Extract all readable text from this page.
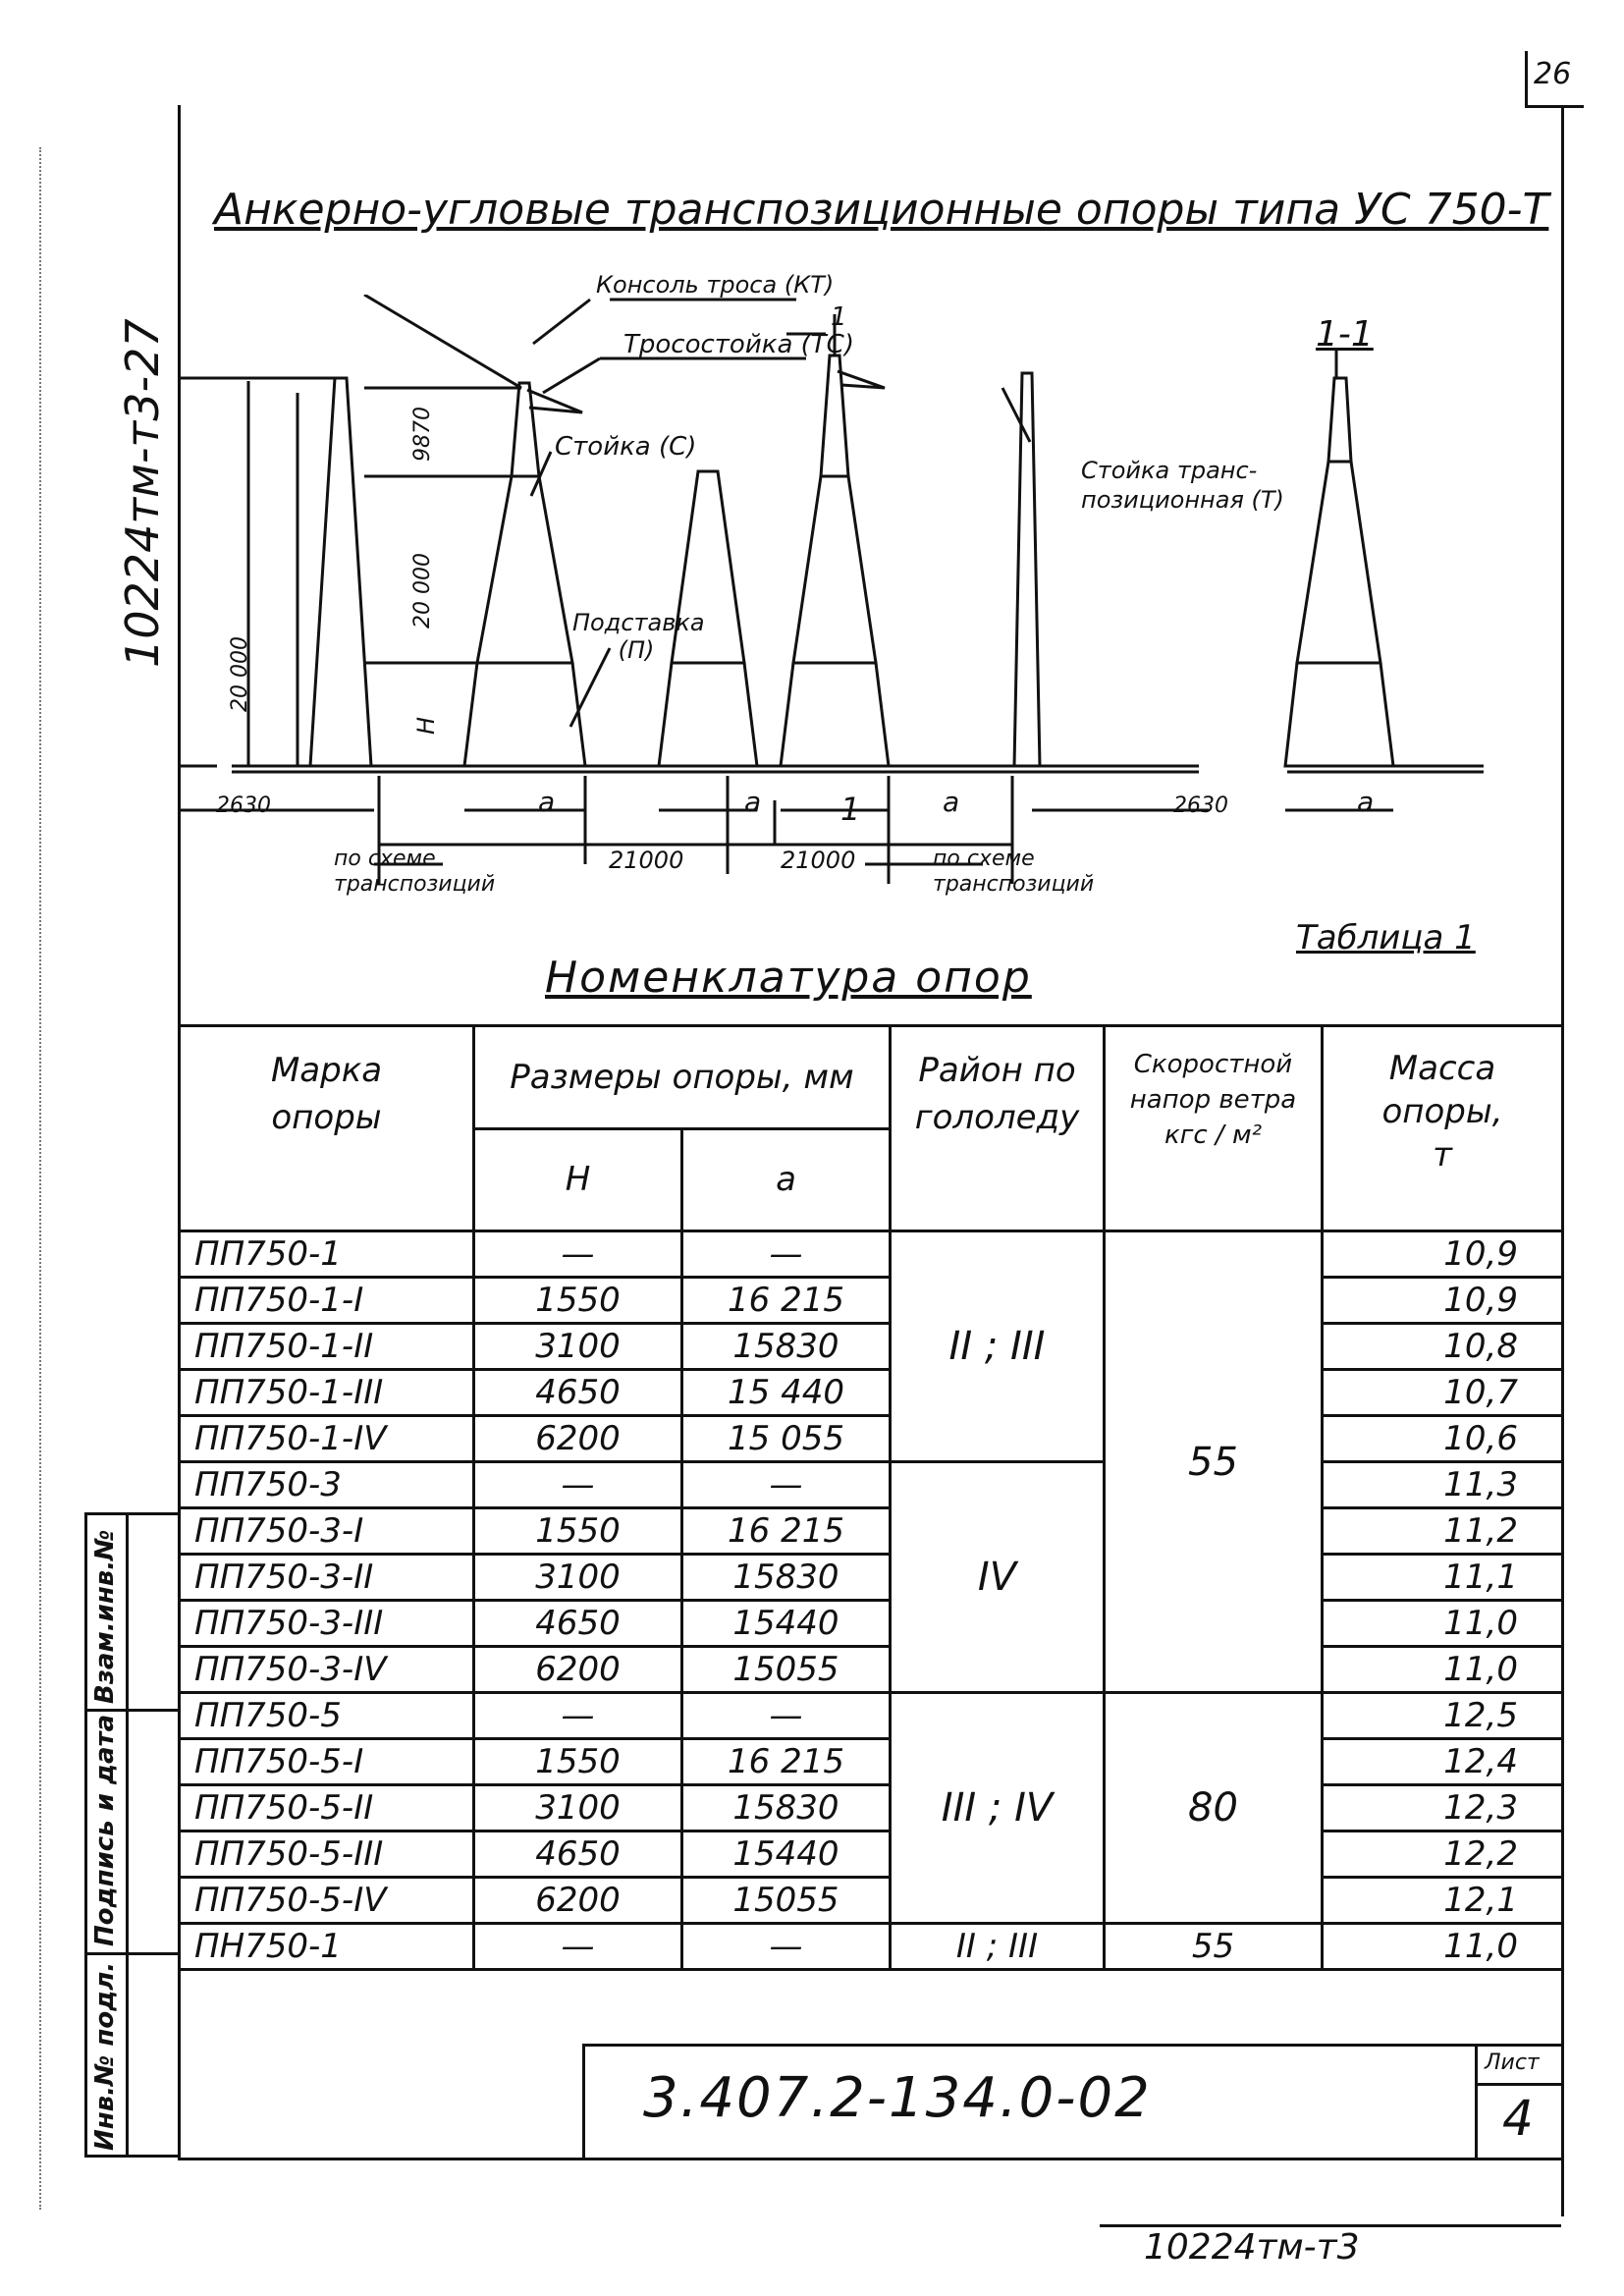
26
10224тм-т3-27
Анкерно-угловые транспозиционные опоры типа УС 750-Т
Консоль троса (КТ)
Тросостойка (ТС)
Стойка (С)
Подставка (П)
Стойка транс-позиционная (Т)
1-1
1
1
9870
20 000
20 000
Н
2630	а	а	а	а
2630
21000	21000
по схеме транспозиций
по схеме транспозиций
Таблица 1
Номенклатура опор
Марка опоры	Размеры опоры, мм		Район по гололеду	Скоростной напор ветра кгс / м²	Масса опоры, т

	Н	а			
ПП750-1	—	—	II ; III	55	10,9
ПП750-1-I	1550	16 215			10,9
ПП750-1-II	3100	15830			10,8
ПП750-1-III	4650	15 440			10,7
ПП750-1-IV	6200	15 055			10,6
ПП750-3	—	—	IV		11,3
ПП750-3-I	1550	16 215			11,2
ПП750-3-II	3100	15830			11,1
ПП750-3-III	4650	15440			11,0
ПП750-3-IV	6200	15055			11,0
ПП750-5	—	—	III ; IV	80	12,5
ПП750-5-I	1550	16 215			12,4
ПП750-5-II	3100	15830			12,3
ПП750-5-III	4650	15440			12,2
ПП750-5-IV	6200	15055			12,1
ПН750-1	—	—	II ; III	55	11,0
Взам.инв.№
Подпись и дата
Инв.№ подл.	3.407.2-134.0-02
Лист
4
10224тм-т3
